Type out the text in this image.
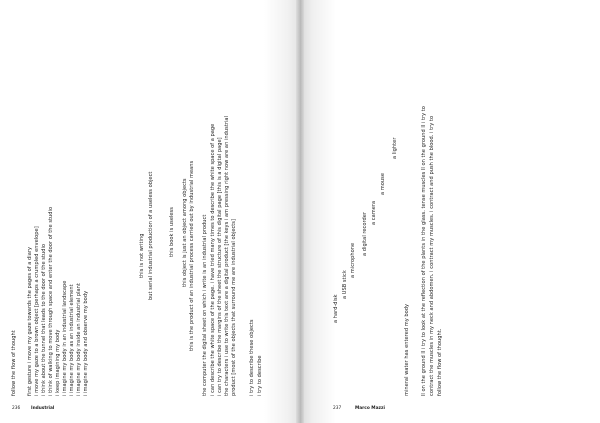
follow the flow of thought first gesture i move my gaze towards the pages of a diary i move my gaze to a brown object [perhaps a crumpled envelope] i think about the tunnel that leads to the door of the studio i think of walking to move through space and enter the door of the studio i keep imagining my body i imagine my body in an industrial landscape i imagine my body as an industrial element i imagine my body inside an industrial plant i imagine my body and observe my body
this is not writing but serial industrial production of a useless object	this book is useless this object is just an object among objects this is the product of an industrial process carried out by industrial means the computer the digital sheet on which i write is an industrial product i can describe the white space of the page. i have tried many times to describe the white space of a page i can try to describe the margins of the sheet the structure of this digital page [this is a digital page] the characters i use to write this text are a digital product [the keys i am pressing right now are an industrial product [most of the objects that surround me are industrial objects] i try to describe these objects i try to describe
236	Industrial
a hard-disk
a USB stick
a microphone
a digital recorder a camera
a mouse
a lighter
mineral water has entered my body ll on the ground ll i try to look at the reflection of the plants in the glass. tense muscles ll on the ground ll i try to contract the muscles in my neck and abdomen. i contract my muscles. i contract and push the blood. i try to follow the flow of thought.
237	Marco Mazzi
